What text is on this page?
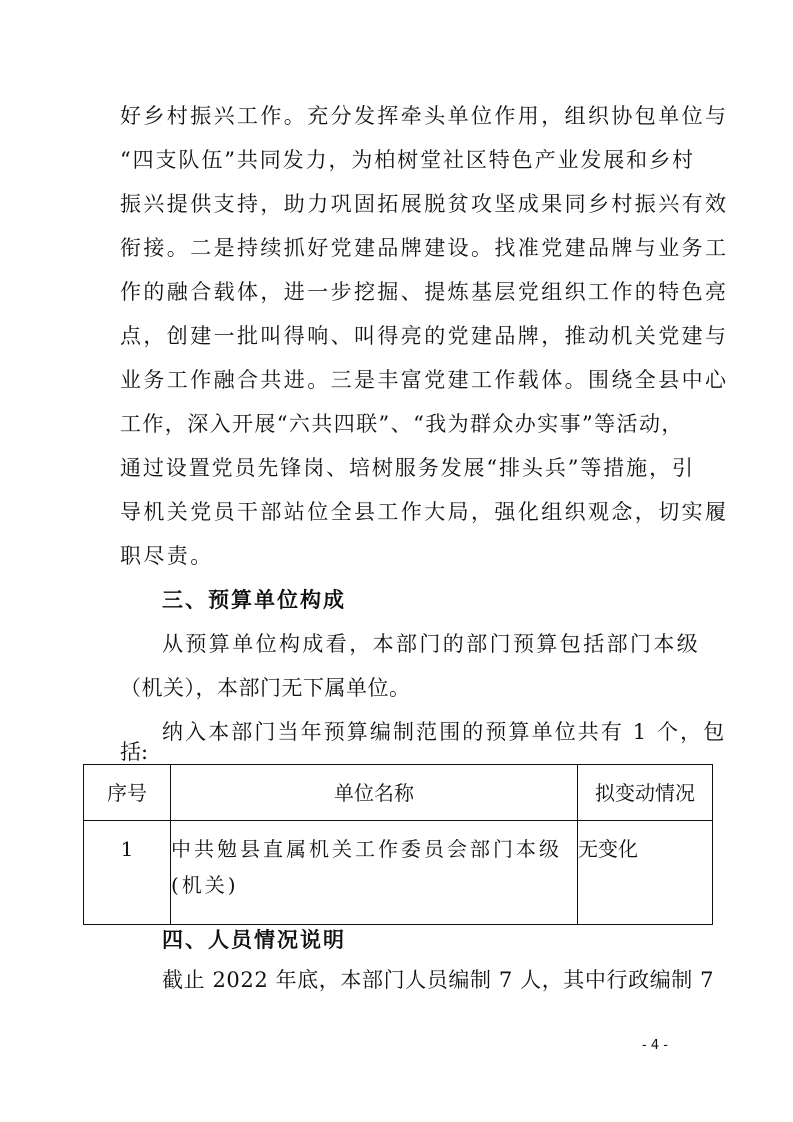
好乡村振兴工作。充分发挥牵头单位作用，组织协包单位与
“四支队伍”共同发力，为柏树堂社区特色产业发展和乡村
振兴提供支持，助力巩固拓展脱贫攻坚成果同乡村振兴有效
衔接。二是持续抓好党建品牌建设。找准党建品牌与业务工
作的融合载体，进一步挖掘、提炼基层党组织工作的特色亮
点，创建一批叫得响、叫得亮的党建品牌，推动机关党建与
业务工作融合共进。三是丰富党建工作载体。围绕全县中心
工作，深入开展“六共四联”、“我为群众办实事”等活动，
通过设置党员先锋岗、培树服务发展“排头兵”等措施，引
导机关党员干部站位全县工作大局，强化组织观念，切实履
职尽责。
三、预算单位构成
从预算单位构成看，本部门的部门预算包括部门本级
（机关），本部门无下属单位。
纳入本部门当年预算编制范围的预算单位共有 1 个，包
括:
序号	单位名称	拟变动情况
1	中共勉县直属机关工作委员会部门本级(机关)	无变化
四、人员情况说明
截止 2022 年底，本部门人员编制 7 人，其中行政编制 7
- 4 -
